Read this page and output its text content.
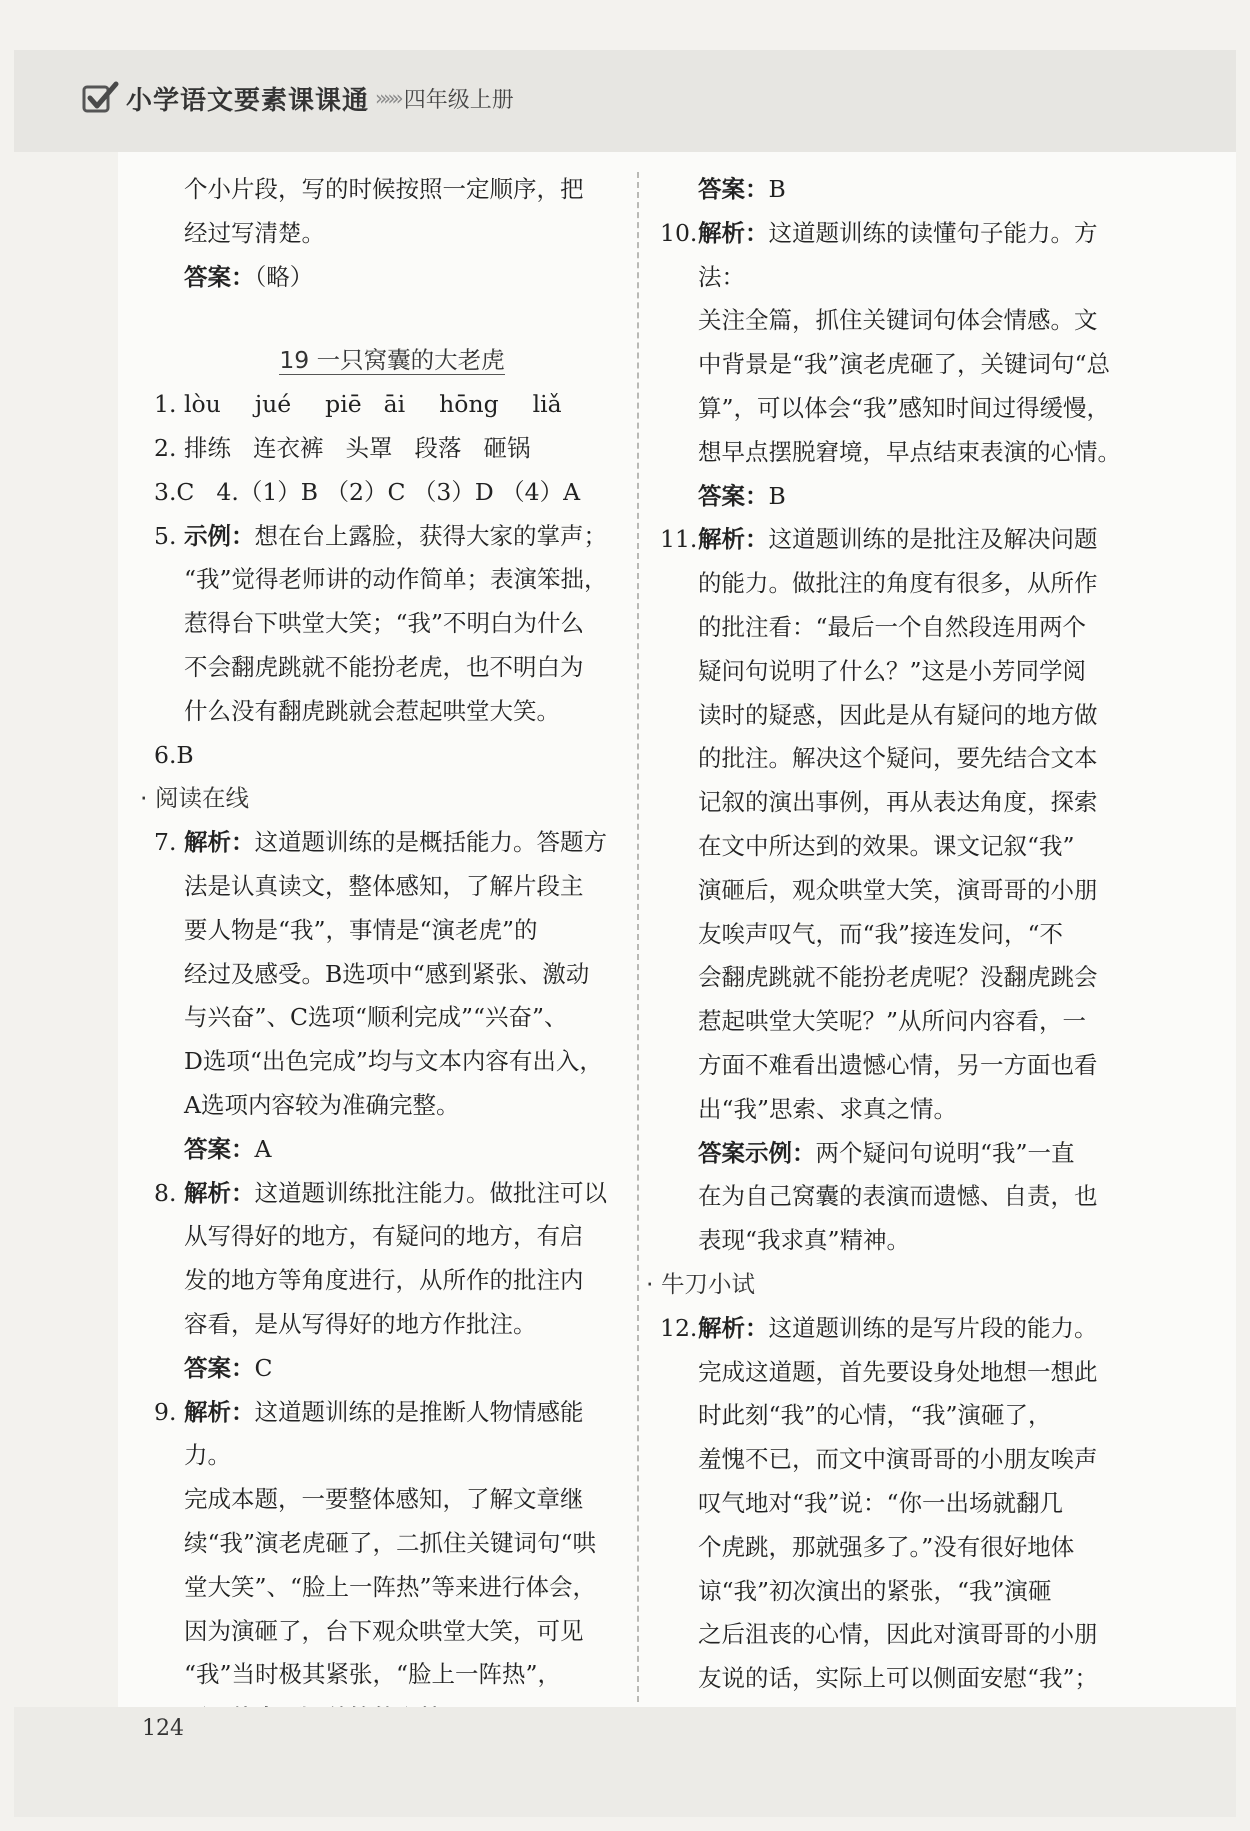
小学语文要素课课通 »»» 四年级上册

个小片段，写的时候按照一定顺序，把

经过写清楚。

答案：（略）

19 一只窝囊的大老虎

1. lòu jué piē āi hōng liǎ

2. 排练 连衣裤 头罩 段落 砸锅

3.C 4.（1）B （2）C （3）D （4）A

5. 示例：想在台上露脸，获得大家的掌声；

“我”觉得老师讲的动作简单；表演笨拙，

惹得台下哄堂大笑；“我”不明白为什么

不会翻虎跳就不能扮老虎，也不明白为

什么没有翻虎跳就会惹起哄堂大笑。

6.B

· 阅读在线

7. 解析：这道题训练的是概括能力。答题方

法是认真读文，整体感知，了解片段主

要人物是“我”，事情是“演老虎”的

经过及感受。B选项中“感到紧张、激动

与兴奋”、C选项“顺利完成”“兴奋”、

D选项“出色完成”均与文本内容有出入，

A选项内容较为准确完整。

答案：A

8. 解析：这道题训练批注能力。做批注可以

从写得好的地方，有疑问的地方，有启

发的地方等角度进行，从所作的批注内

容看，是从写得好的地方作批注。

答案：C

9. 解析：这道题训练的是推断人物情感能力。

完成本题，一要整体感知，了解文章继

续“我”演老虎砸了，二抓住关键词句“哄

堂大笑”、“脸上一阵热”等来进行体会，

因为演砸了，台下观众哄堂大笑，可见

“我”当时极其紧张，“脸上一阵热”，

答案：B

10.解析：这道题训练的读懂句子能力。方法：

关注全篇，抓住关键词句体会情感。文

中背景是“我”演老虎砸了，关键词句“总

算”，可以体会“我”感知时间过得缓慢，

想早点摆脱窘境，早点结束表演的心情。

答案：B

11.解析：这道题训练的是批注及解决问题

的能力。做批注的角度有很多，从所作

的批注看：“最后一个自然段连用两个

疑问句说明了什么？”这是小芳同学阅

读时的疑惑，因此是从有疑问的地方做

的批注。解决这个疑问，要先结合文本

记叙的演出事例，再从表达角度，探索

在文中所达到的效果。课文记叙“我”

演砸后，观众哄堂大笑，演哥哥的小朋

友唉声叹气，而“我”接连发问，“不

会翻虎跳就不能扮老虎呢？没翻虎跳会

惹起哄堂大笑呢？”从所问内容看，一

方面不难看出遗憾心情，另一方面也看

出“我”思索、求真之情。

答案示例：两个疑问句说明“我”一直

在为自己窝囊的表演而遗憾、自责，也

表现“我求真”精神。

· 牛刀小试

12.解析：这道题训练的是写片段的能力。

完成这道题，首先要设身处地想一想此

时此刻“我”的心情，“我”演砸了，

羞愧不已，而文中演哥哥的小朋友唉声

叹气地对“我”说：“你一出场就翻几

个虎跳，那就强多了。”没有很好地体

谅“我”初次演出的紧张，“我”演砸

之后沮丧的心情，因此对演哥哥的小朋

友说的话，实际上可以侧面安慰“我”；

124
